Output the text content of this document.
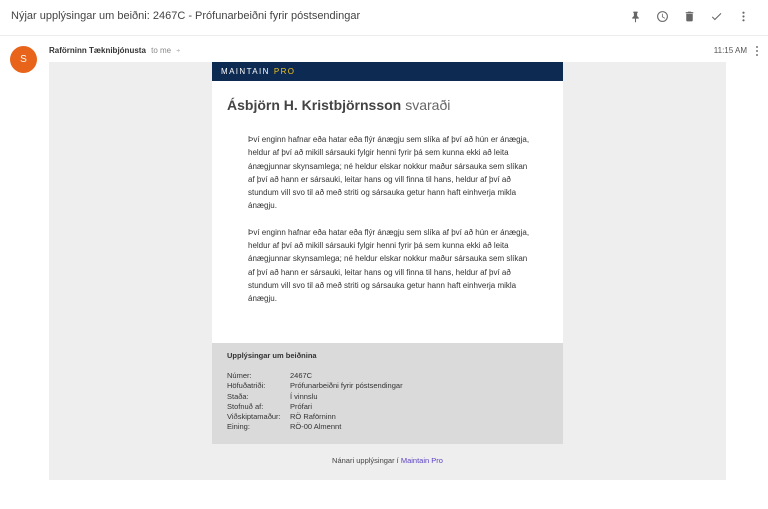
Nýjar upplýsingar um beiðni: 2467C - Prófunarbeiðni fyrir póstsendingar
S
Raförninn Tæknibjónusta to me ÷	11:15 AM
MAINTAIN PRO
Ásbjörn H. Kristbjörnsson svaraði

Því enginn hafnar eða hatar eða flýr ánægju sem slíka af því að hún er ánægja, heldur af því að mikill sársauki fylgir henni fyrir þá sem kunna ekki að leita ánægjunnar skynsamlega; né heldur elskar nokkur maður sársauka sem slíkan af því að hann er sársauki, leitar hans og vill finna til hans, heldur af því að stundum vill svo til að með striti og sársauka getur hann haft einhverja mikla ánægju.

Því enginn hafnar eða hatar eða flýr ánægju sem slíka af því að hún er ánægja, heldur af því að mikill sársauki fylgir henni fyrir þá sem kunna ekki að leita ánægjunnar skynsamlega; né heldur elskar nokkur maður sársauka sem slíkan af því að hann er sársauki, leitar hans og vill finna til hans, heldur af því að stundum vill svo til að með striti og sársauka getur hann haft einhverja mikla ánægju.

Upplýsingar um beiðnina
Númer:	2467C
Höfuðatriði:	Prófunarbeiðni fyrir póstsendingar
Staða:	Í vinnslu
Stofnuð af:	Prófari
Viðskiptamaður:	RÖ Raförninn
Eining:	RÖ-00 Almennt
Nánari upplýsingar í Maintain Pro
